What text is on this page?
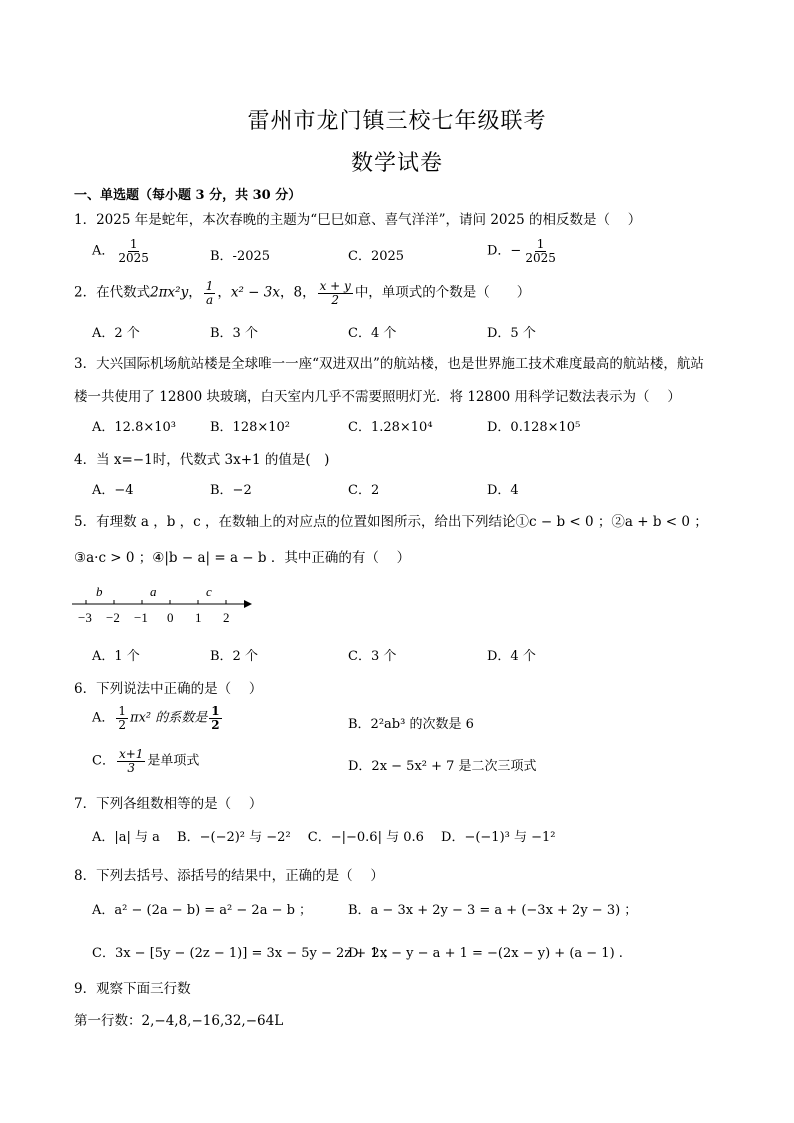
雷州市龙门镇三校七年级联考
数学试卷
一、单选题（每小题 3 分，共 30 分）
1．2025 年是蛇年，本次春晚的主题为“巳巳如意、喜气洋洋”，请问 2025 的相反数是（　 ）
A． $\frac{1}{2025}$	B．-2025	C．2025	D．− $\frac{1}{2025}$
2．在代数式2πx²y， $\frac{1}{a}$ ，x² − 3x，8， $\frac{x + y}{2}$ 中，单项式的个数是（　　）
A．2 个	B．3 个	C．4 个	D．5 个
3．大兴国际机场航站楼是全球唯一一座“双进双出”的航站楼，也是世界施工技术难度最高的航站楼，航站
楼一共使用了 12800 块玻璃，白天室内几乎不需要照明灯光．将 12800 用科学记数法表示为（　 ）
A．12.8×10³	B．128×10²	C．1.28×10⁴	D．0.128×10⁵
4．当 x=−1时，代数式 3x+1 的值是(　)
A．−4	B．−2	C．2	D．4
5．有理数 a ，b ，c ，在数轴上的对应点的位置如图所示，给出下列结论①c − b < 0 ；②a + b < 0 ；
③a·c > 0 ；④|b − a| = a − b ．其中正确的有（　 ）
b	a	c
−3 −2 −1 0 1 2
A．1 个	B．2 个	C．3 个	D．4 个
6．下列说法中正确的是（　 ）
A． $\frac{1}{2} \pi x^2$ 的系数是 $\frac{1}{2}$	B．2²ab³ 的次数是 6
C． $\frac{x+1}{3}$ 是单项式	D．2x − 5x² + 7 是二次三项式
7．下列各组数相等的是（　 ）
A．|a| 与 a　 B．−(−2)² 与 −2²　 C．−|−0.6| 与 0.6　 D．−(−1)³ 与 −1²
8．下列去括号、添括号的结果中，正确的是（　 ）
A．a² − (2a − b) = a² − 2a − b ；	B．a − 3x + 2y − 3 = a + (−3x + 2y − 3) ；
C．3x − [5y − (2z − 1)] = 3x − 5y − 2z + 1 ；
D．2x − y − a + 1 = −(2x − y) + (a − 1) .
9．观察下面三行数
第一行数：2,−4,8,−16,32,−64L
